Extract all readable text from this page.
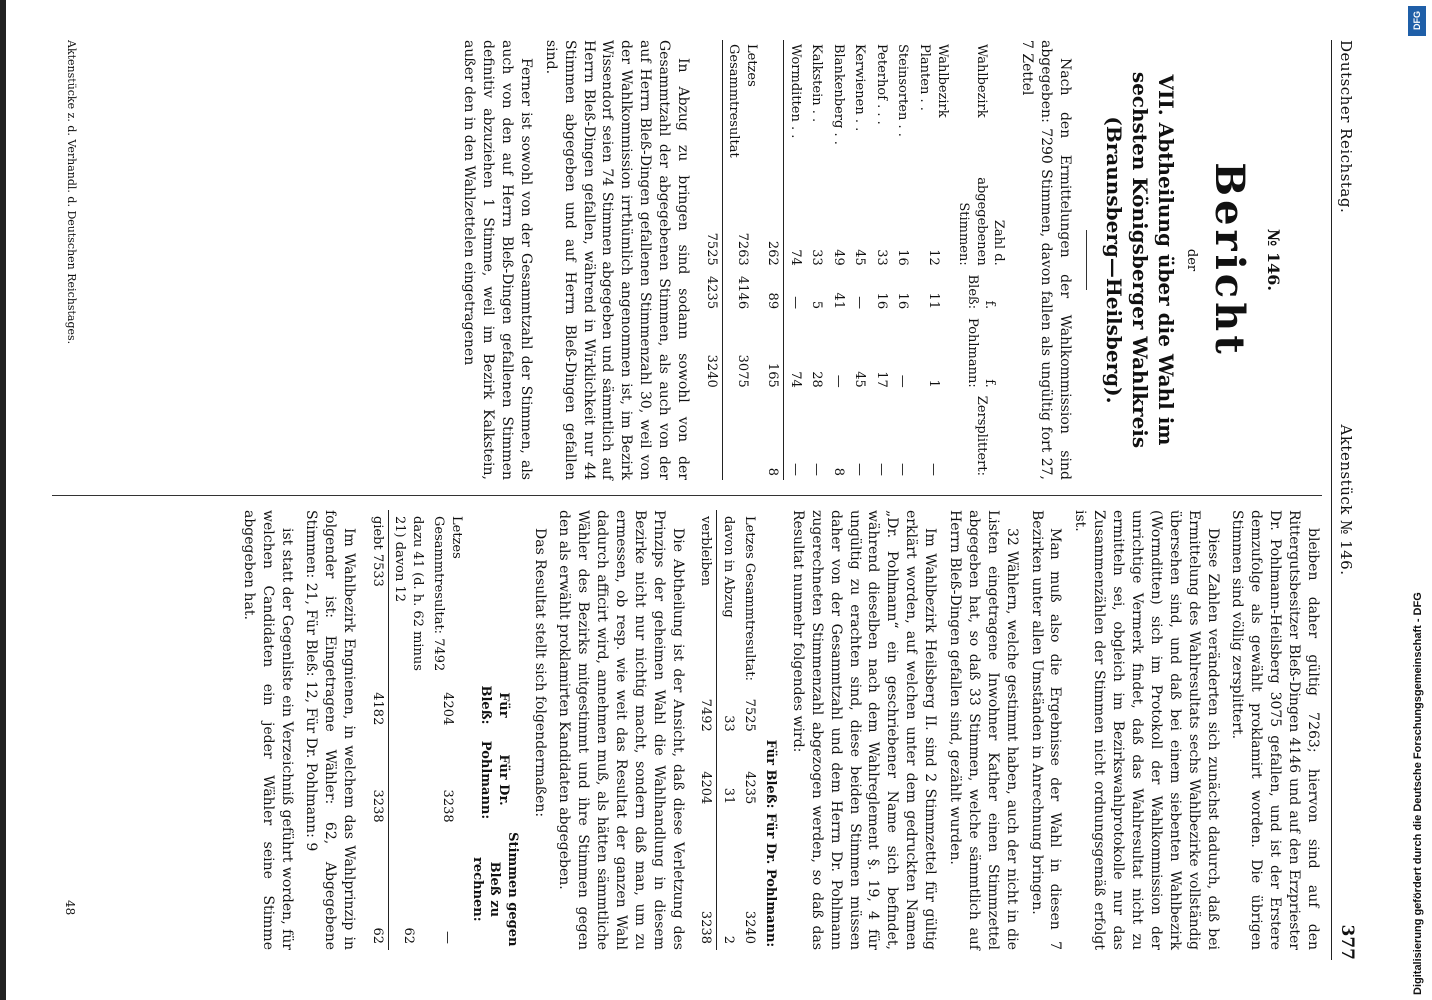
Deutscher Reichstag.
Aktenstück № 146.
377
№ 146.
Bericht
der
VII. Abtheilung über die Wahl im sechsten Königsberger Wahlkreis (Braunsberg—Heilsberg).

Nach den Ermittelungen der Wahlkommission sind abgegeben: 7290 Stimmen, davon fallen als ungültig fort 27, 7 Zettel

Wahlbezirk	Zahl d. abgegebenen Stimmen:	f. Bleß:	f. Pohlmann:	Zersplittert:
Wahlbezirk Planten . .	12	11	1	—
Steinsorten . .	16	16	—	—
Peterhof . . .	33	16	17	—
Kerwienen . .	45	—	45	—
Blankenberg . .	49	41	—	8
Kalkstein . .	33	5	28	—
Wormditten . .	74	—	74	—
	262	89	165	8
Letzes Gesammtresultat	7263	4146	3075	
	7525	4235	3240	

In Abzug zu bringen sind sodann sowohl von der Gesammtzahl der abgegebenen Stimmen, als auch von der auf Herrn Bleß-Dingen gefallenen Stimmenzahl 30, weil von der Wahlkommission irrthümlich angenommen ist, im Bezirk Wissendorf seien 74 Stimmen abgegeben und sämmtlich auf Herrn Bleß-Dingen gefallen, während in Wirklichkeit nur 44 Stimmen abgegeben und auf Herrn Bleß-Dingen gefallen sind.

Ferner ist sowohl von der Gesammtzahl der Stimmen, als auch von den auf Herrn Bleß-Dingen gefallenen Stimmen definitiv abzuziehen 1 Stimme, weil im Bezirk Kalkstein, außer den in den Wahlzettelen eingetragenen

bleiben daher gültig 7263; hiervon sind auf den Rittergutsbesitzer Bleß-Dingen 4146 und auf den Erzpriester Dr. Pohlmann-Heilsberg 3075 gefallen, und ist der Erstere demzufolge als gewählt proklamirt worden. Die übrigen Stimmen sind völlig zersplittert.

Diese Zahlen veränderten sich zunächst dadurch, daß bei Ermittelung des Wahlresultats sechs Wahlbezirke vollständig übersehen sind, und daß bei einem siebenten Wahlbezirk (Wormditten) sich im Protokoll der Wahlkommission der unrichtige Vermerk findet, daß das Wahlresultat nicht zu ermitteln sei, obgleich im Bezirkswahlprotokolle nur das Zusammenzählen der Stimmen nicht ordnungsgemäß erfolgt ist.

Man muß also die Ergebnisse der Wahl in diesen 7 Bezirken unter allen Umständen in Anrechnung bringen.

32 Wählern, welche gestimmt haben, auch der nicht in die Listen eingetragene Inwohner Kather einen Stimmzettel abgegeben hat, so daß 33 Stimmen, welche sämmtlich auf Herrn Bleß-Dingen gefallen sind, gezählt wurden.

Im Wahlbezirk Heilsberg II. sind 2 Stimmzettel für gültig erklärt worden, auf welchen unter dem gedruckten Namen „Dr. Pohlmann“ ein geschriebener Name sich befindet, während dieselben nach dem Wahlreglement §. 19, 4 für ungültig zu erachten sind, diese beiden Stimmen müssen daher von der Gesammtzahl und dem Herrn Dr. Pohlmann zugerechneten Stimmenzahl abgezogen werden, so daß das Resultat nunmehr folgendes wird:

		Für Bleß:	Für Dr. Pohlmann:
Letzes Gesammtresultat:	7525	4235	3240
davon in Abzug	33	31	2
verbleiben	7492	4204	3238

Die Abtheilung ist der Ansicht, daß diese Verletzung des Prinzips der geheimen Wahl die Wahlhandlung in diesem Bezirke nicht nur nichtig macht, sondern daß man, um zu ermessen, ob resp. wie weit das Resultat der ganzen Wahl dadurch afficirt wird, annehmen muß, als hätten sämmtliche Wähler des Bezirks mitgestimmt und ihre Stimmen gegen den als erwählt proklamirten Kandidaten abgegeben.

Das Resultat stellt sich folgendermaßen:

	Für Bleß:	Für Dr. Pohlmann:	Stimmen gegen Bleß zu rechnen:
Letzes Gesammtresultat: 7492	4204	3238	—
dazu 41 (d. h. 62 minus 21) davon 12			62
giebt 7533	4182	3238	62

Im Wahlbezirk Engnienen, in welchem das Wahlprinzip in folgender ist: Eingetragene Wähler: 62, Abgegebene Stimmen: 21, Für Bleß: 12, Für Dr. Pohlmann: 9

ist statt der Gegenliste ein Verzeichniß geführt worden, für welchen Candidaten ein jeder Wähler seine Stimme abgegeben hat.

Aktenstücke z. d. Verhandl. d. Deutschen Reichstages.
48
DFG
Digitalisierung gefördert durch die Deutsche Forschungsgemeinschaft - DFG
